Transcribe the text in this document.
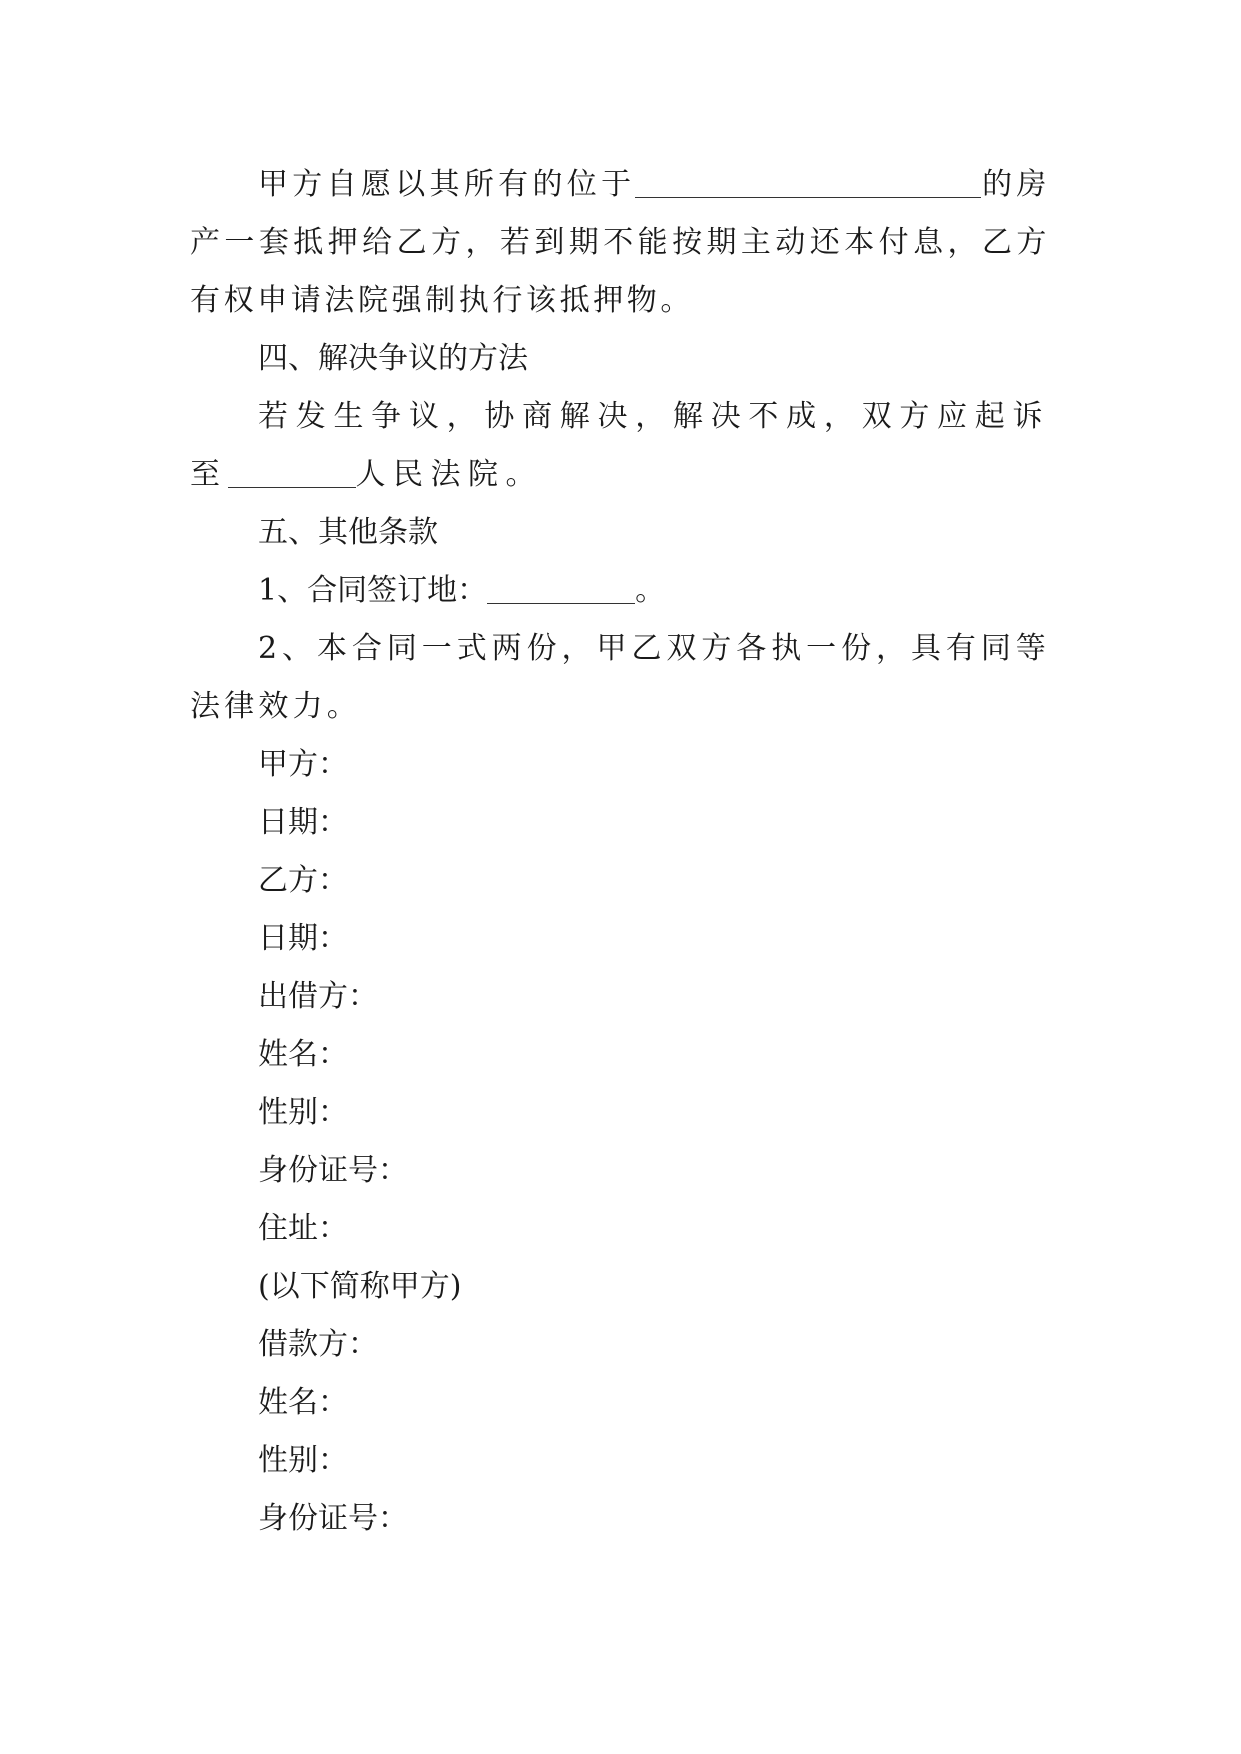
甲方自愿以其所有的位于	的房产一套抵押给乙方，若到期不能按期主动还本付息，乙方有权申请法院强制执行该抵押物。

四、解决争议的方法

若发生争议，协商解决，解决不成，双方应起诉至	人民法院。

五、其他条款

1、合同签订地：	。

2、本合同一式两份，甲乙双方各执一份，具有同等法律效力。

甲方：

日期：

乙方：

日期：

出借方：

姓名：

性别：

身份证号：

住址：

(以下简称甲方)

借款方：

姓名：

性别：

身份证号：
